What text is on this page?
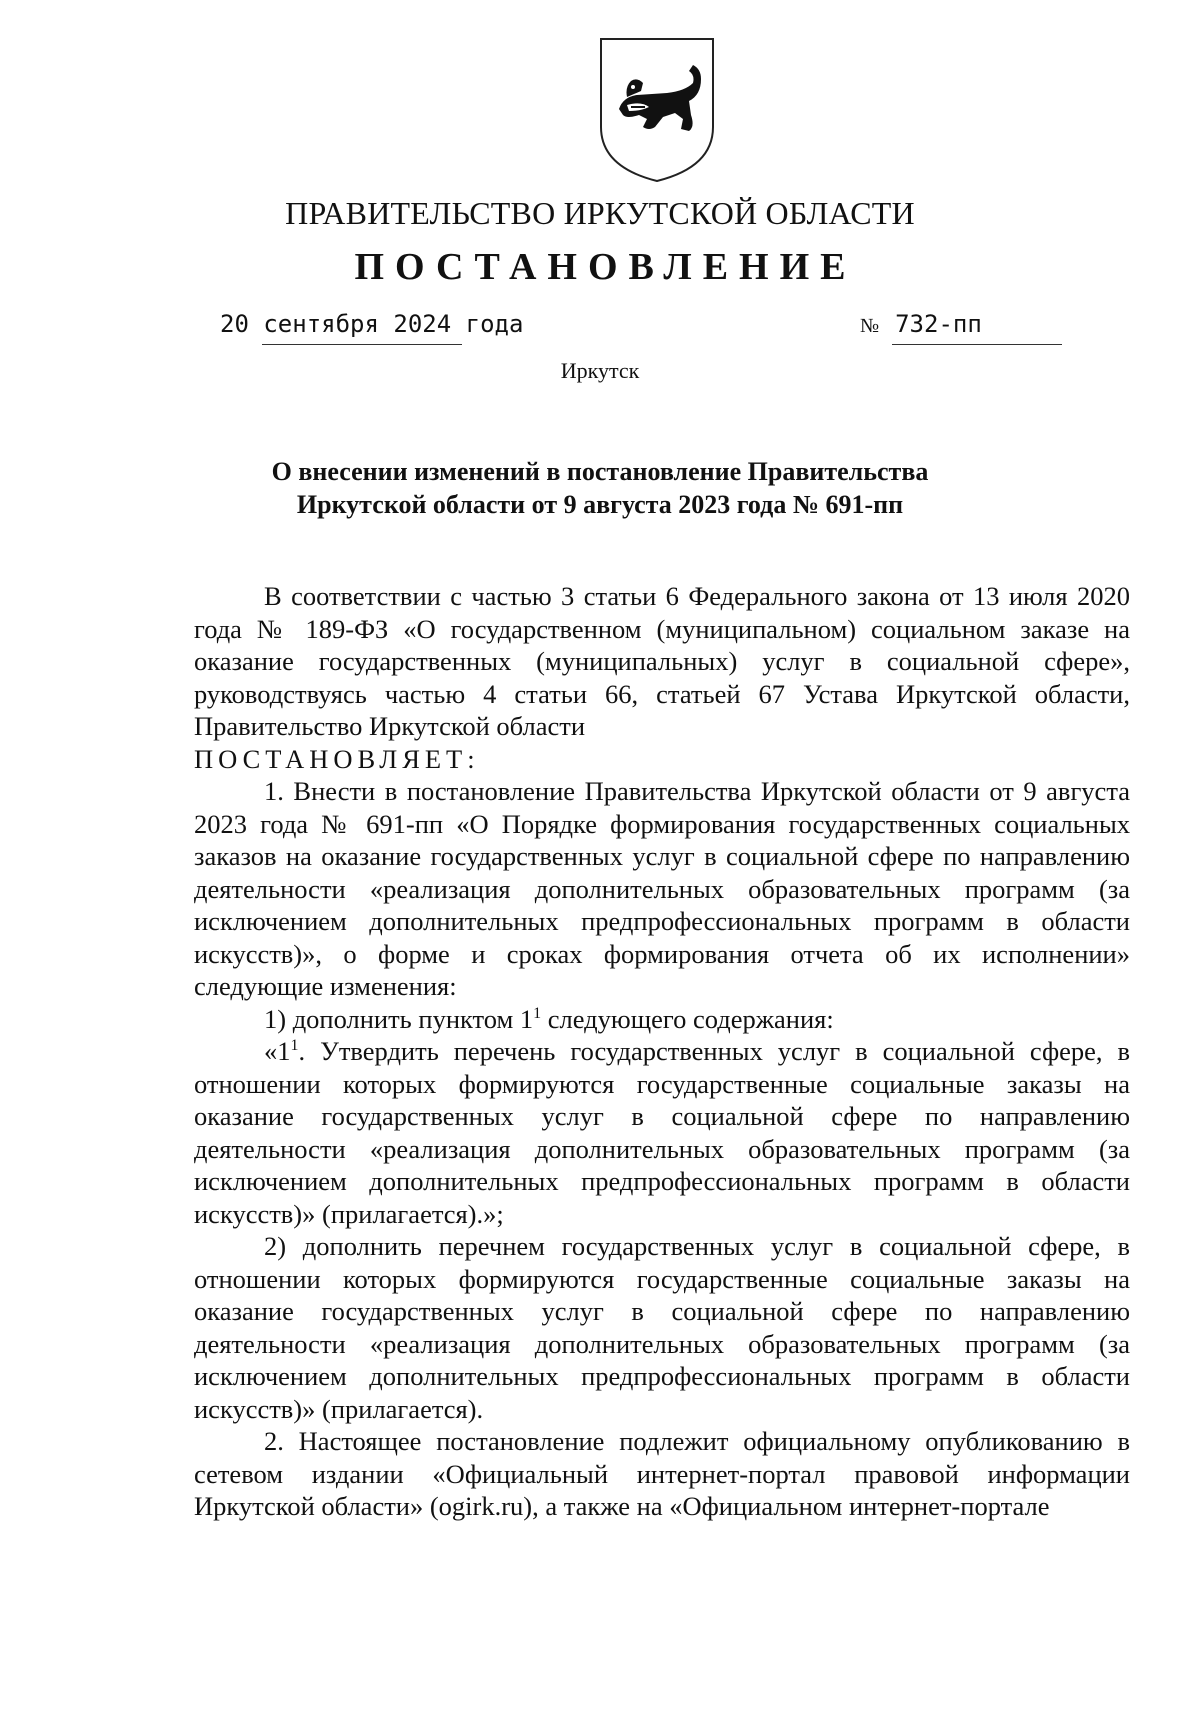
ПРАВИТЕЛЬСТВО ИРКУТСКОЙ ОБЛАСТИ
ПОСТАНОВЛЕНИЕ
20 сентября 2024 года	№ 732-пп
Иркутск
О внесении изменений в постановление Правительства
Иркутской области от 9 августа 2023 года № 691-пп

В соответствии с частью 3 статьи 6 Федерального закона от 13 июля 2020 года № 189-ФЗ «О государственном (муниципальном) социальном заказе на оказание государственных (муниципальных) услуг в социальной сфере», руководствуясь частью 4 статьи 66, статьей 67 Устава Иркутской области, Правительство Иркутской области

ПОСТАНОВЛЯЕТ:

1. Внести в постановление Правительства Иркутской области от 9 августа 2023 года № 691-пп «О Порядке формирования государственных социальных заказов на оказание государственных услуг в социальной сфере по направлению деятельности «реализация дополнительных образовательных программ (за исключением дополнительных предпрофессиональных программ в области искусств)», о форме и сроках формирования отчета об их исполнении» следующие изменения:

1) дополнить пунктом $1^1$ следующего содержания:

«$1^1$. Утвердить перечень государственных услуг в социальной сфере, в отношении которых формируются государственные социальные заказы на оказание государственных услуг в социальной сфере по направлению деятельности «реализация дополнительных образовательных программ (за исключением дополнительных предпрофессиональных программ в области искусств)» (прилагается).»;

2) дополнить перечнем государственных услуг в социальной сфере, в отношении которых формируются государственные социальные заказы на оказание государственных услуг в социальной сфере по направлению деятельности «реализация дополнительных образовательных программ (за исключением дополнительных предпрофессиональных программ в области искусств)» (прилагается).

2. Настоящее постановление подлежит официальному опубликованию в сетевом издании «Официальный интернет-портал правовой информации Иркутской области» (ogirk.ru), а также на «Официальном интернет-портале
